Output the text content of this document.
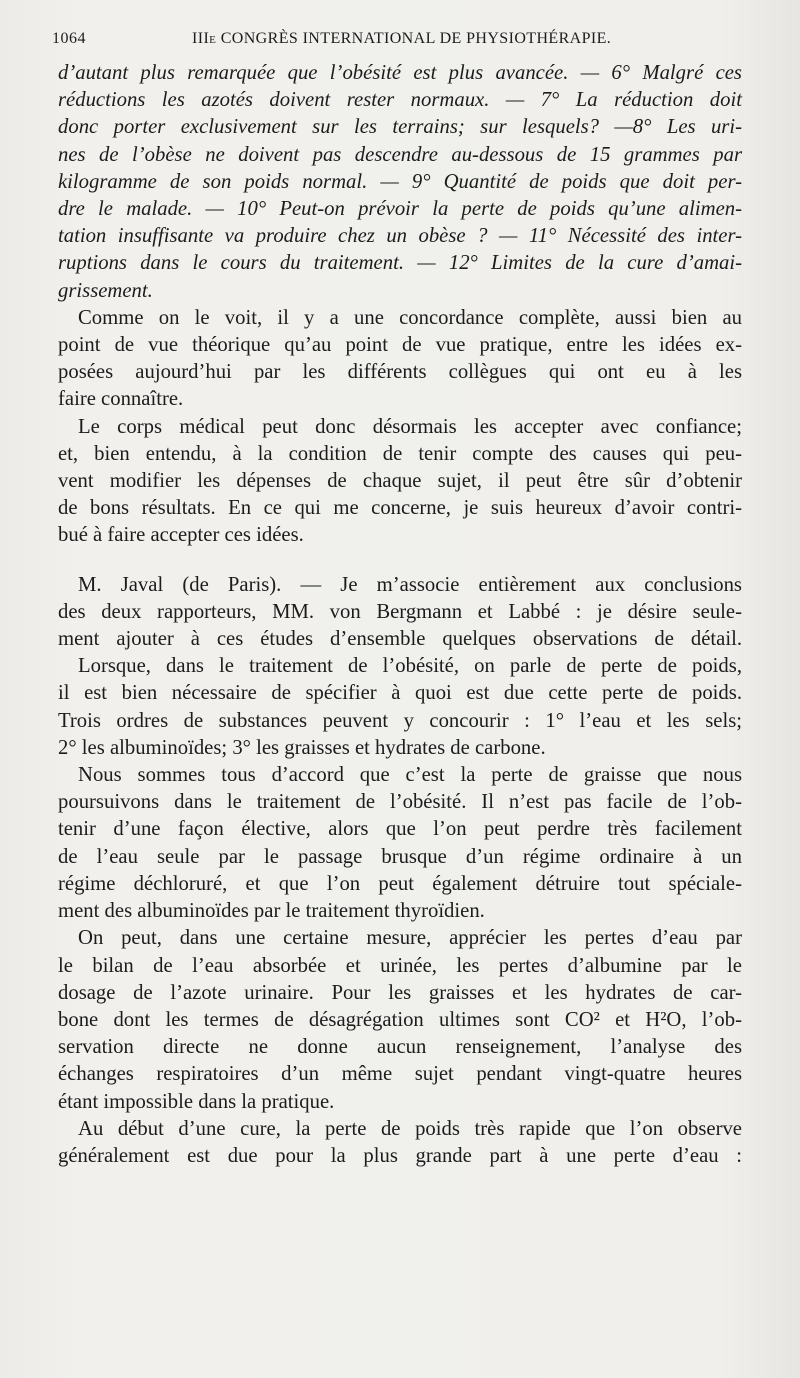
1064	IIIe CONGRÈS INTERNATIONAL DE PHYSIOTHÉRAPIE.
d’autant plus remarquée que l’obésité est plus avancée. — 6° Malgré ces
réductions les azotés doivent rester normaux. — 7° La réduction doit
donc porter exclusivement sur les terrains; sur lesquels? —8° Les uri-
nes de l’obèse ne doivent pas descendre au-dessous de 15 grammes par
kilogramme de son poids normal. — 9° Quantité de poids que doit per-
dre le malade. — 10° Peut-on prévoir la perte de poids qu’une alimen-
tation insuffisante va produire chez un obèse ? — 11° Nécessité des inter-
ruptions dans le cours du traitement. — 12° Limites de la cure d’amai-
grissement.
Comme on le voit, il y a une concordance complète, aussi bien au
point de vue théorique qu’au point de vue pratique, entre les idées ex-
posées aujourd’hui par les différents collègues qui ont eu à les
faire connaître.
Le corps médical peut donc désormais les accepter avec confiance;
et, bien entendu, à la condition de tenir compte des causes qui peu-
vent modifier les dépenses de chaque sujet, il peut être sûr d’obtenir
de bons résultats. En ce qui me concerne, je suis heureux d’avoir contri-
bué à faire accepter ces idées.
M. Javal (de Paris). — Je m’associe entièrement aux conclusions
des deux rapporteurs, MM. von Bergmann et Labbé : je désire seule-
ment ajouter à ces études d’ensemble quelques observations de détail.
Lorsque, dans le traitement de l’obésité, on parle de perte de poids,
il est bien nécessaire de spécifier à quoi est due cette perte de poids.
Trois ordres de substances peuvent y concourir : 1° l’eau et les sels;
2° les albuminoïdes; 3° les graisses et hydrates de carbone.
Nous sommes tous d’accord que c’est la perte de graisse que nous
poursuivons dans le traitement de l’obésité. Il n’est pas facile de l’ob-
tenir d’une façon élective, alors que l’on peut perdre très facilement
de l’eau seule par le passage brusque d’un régime ordinaire à un
régime déchloruré, et que l’on peut également détruire tout spéciale-
ment des albuminoïdes par le traitement thyroïdien.
On peut, dans une certaine mesure, apprécier les pertes d’eau par
le bilan de l’eau absorbée et urinée, les pertes d’albumine par le
dosage de l’azote urinaire. Pour les graisses et les hydrates de car-
bone dont les termes de désagrégation ultimes sont CO² et H²O, l’ob-
servation directe ne donne aucun renseignement, l’analyse des
échanges respiratoires d’un même sujet pendant vingt-quatre heures
étant impossible dans la pratique.
Au début d’une cure, la perte de poids très rapide que l’on observe
généralement est due pour la plus grande part à une perte d’eau :
